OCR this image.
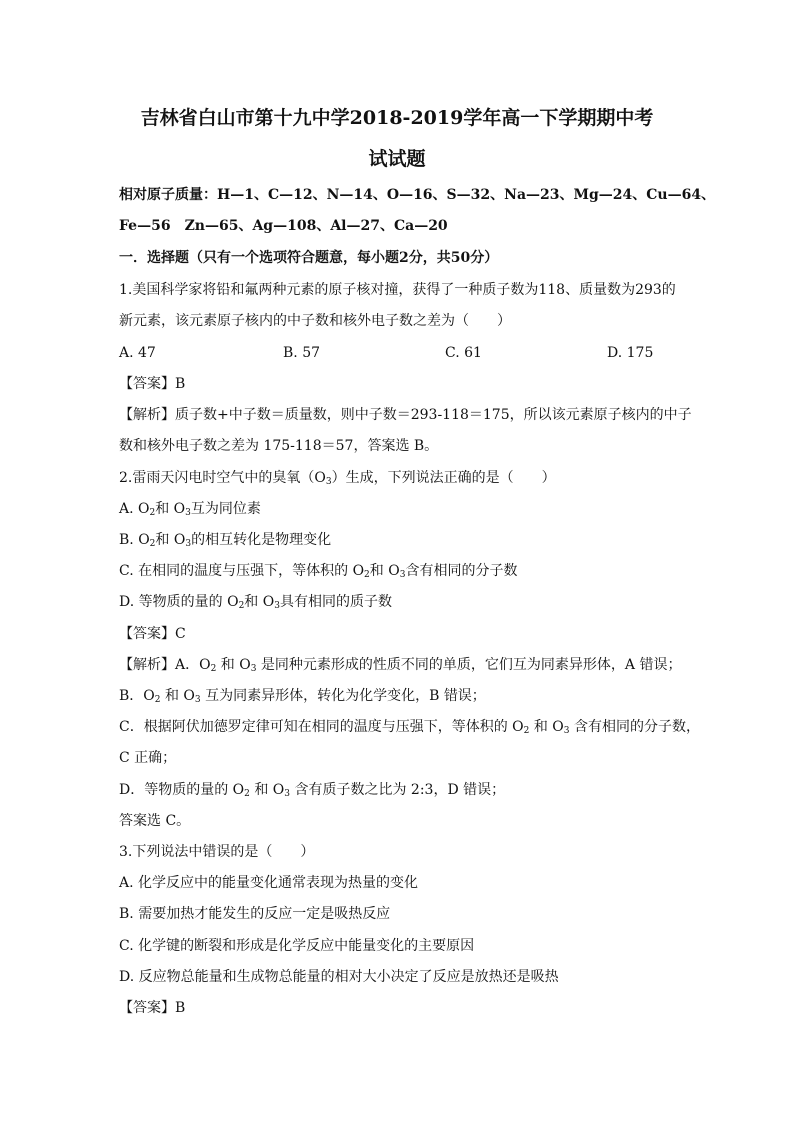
吉林省白山市第十九中学2018-2019学年高一下学期期中考
试试题
相对原子质量：H—1、C—12、N—14、O—16、S—32、Na—23、Mg—24、Cu—64、
Fe—56　Zn—65、Ag—108、Al—27、Ca—20
一．选择题（只有一个选项符合题意，每小题2分，共50分）
1.美国科学家将铅和氟两种元素的原子核对撞，获得了一种质子数为118、质量数为293的
新元素，该元素原子核内的中子数和核外电子数之差为（　　）
A. 47	B. 57	C. 61	D. 175
【答案】B
【解析】质子数+中子数＝质量数，则中子数＝293-118＝175，所以该元素原子核内的中子
数和核外电子数之差为 175-118＝57，答案选 B。
2.雷雨天闪电时空气中的臭氧$(O_3)$生成，下列说法正确的是（　　）
A. $O_2$和 $O_3$互为同位素
B. $O_2$和 $O_3$的相互转化是物理变化
C. 在相同的温度与压强下，等体积的 $O_2$和 $O_3$含有相同的分子数
D. 等物质的量的 $O_2$和 $O_3$具有相同的质子数
【答案】C
【解析】A．$O_2$ 和 $O_3$ 是同种元素形成的性质不同的单质，它们互为同素异形体，A 错误；
B．$O_2$ 和 $O_3$ 互为同素异形体，转化为化学变化，B 错误；
C．根据阿伏加德罗定律可知在相同的温度与压强下，等体积的 $O_2$ 和 $O_3$ 含有相同的分子数，
C 正确；
D．等物质的量的 $O_2$ 和 $O_3$ 含有质子数之比为 2:3，D 错误；
答案选 C。
3.下列说法中错误的是（　　）
A. 化学反应中的能量变化通常表现为热量的变化
B. 需要加热才能发生的反应一定是吸热反应
C. 化学键的断裂和形成是化学反应中能量变化的主要原因
D. 反应物总能量和生成物总能量的相对大小决定了反应是放热还是吸热
【答案】B
